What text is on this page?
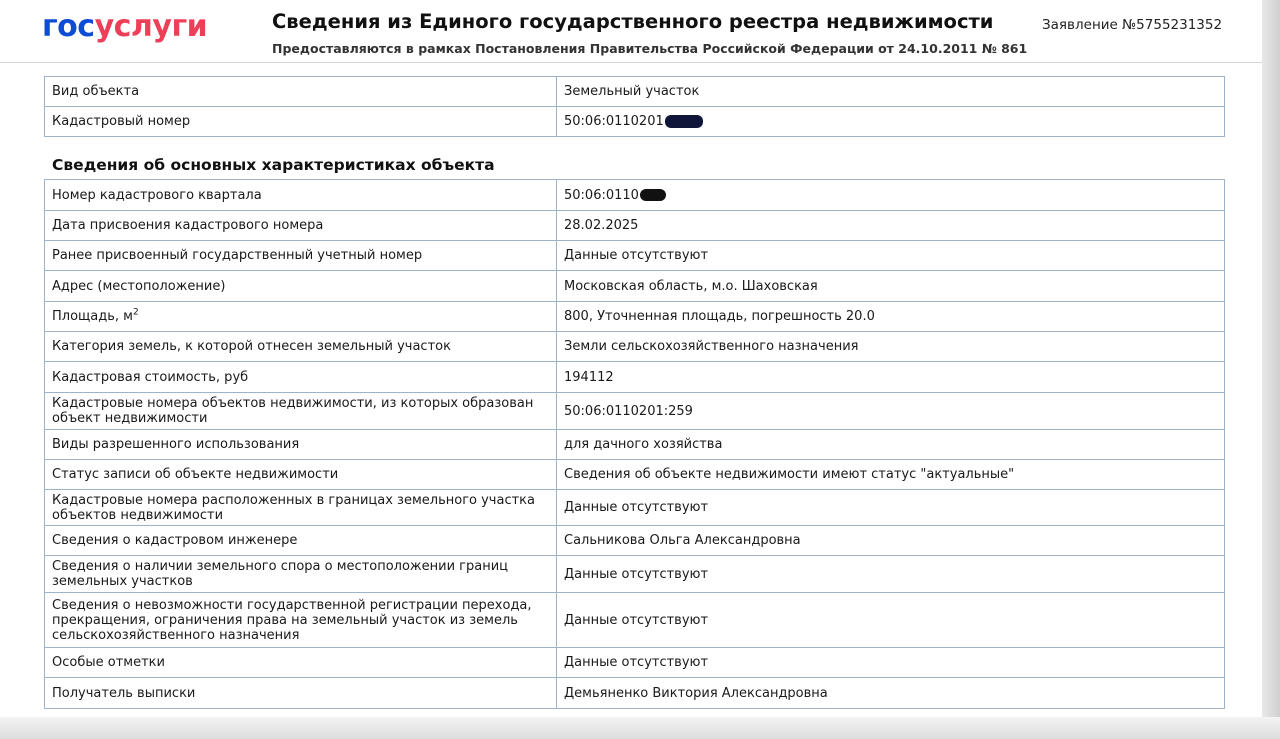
госуслуги	Сведения из Единого государственного реестра недвижимости
Предоставляются в рамках Постановления Правительства Российской Федерации от 24.10.2011 № 861
Заявление №5755231352
Вид объекта	Земельный участок
Кадастровый номер	50:06:0110201
Сведения об основных характеристиках объекта
Номер кадастрового квартала	50:06:0110
Дата присвоения кадастрового номера	28.02.2025
Ранее присвоенный государственный учетный номер	Данные отсутствуют
Адрес (местоположение)	Московская область, м.о. Шаховская
Площадь, $м^2$	800, Уточненная площадь, погрешность 20.0
Категория земель, к которой отнесен земельный участок	Земли сельскохозяйственного назначения
Кадастровая стоимость, руб	194112
Кадастровые номера объектов недвижимости, из которых образован объект недвижимости	50:06:0110201:259
Виды разрешенного использования	для дачного хозяйства
Статус записи об объекте недвижимости	Сведения об объекте недвижимости имеют статус "актуальные"
Кадастровые номера расположенных в границах земельного участка объектов недвижимости	Данные отсутствуют
Сведения о кадастровом инженере	Сальникова Ольга Александровна
Сведения о наличии земельного спора о местоположении границ земельных участков	Данные отсутствуют
Сведения о невозможности государственной регистрации перехода, прекращения, ограничения права на земельный участок из земель сельскохозяйственного назначения	Данные отсутствуют
Особые отметки	Данные отсутствуют
Получатель выписки	Демьяненко Виктория Александровна
